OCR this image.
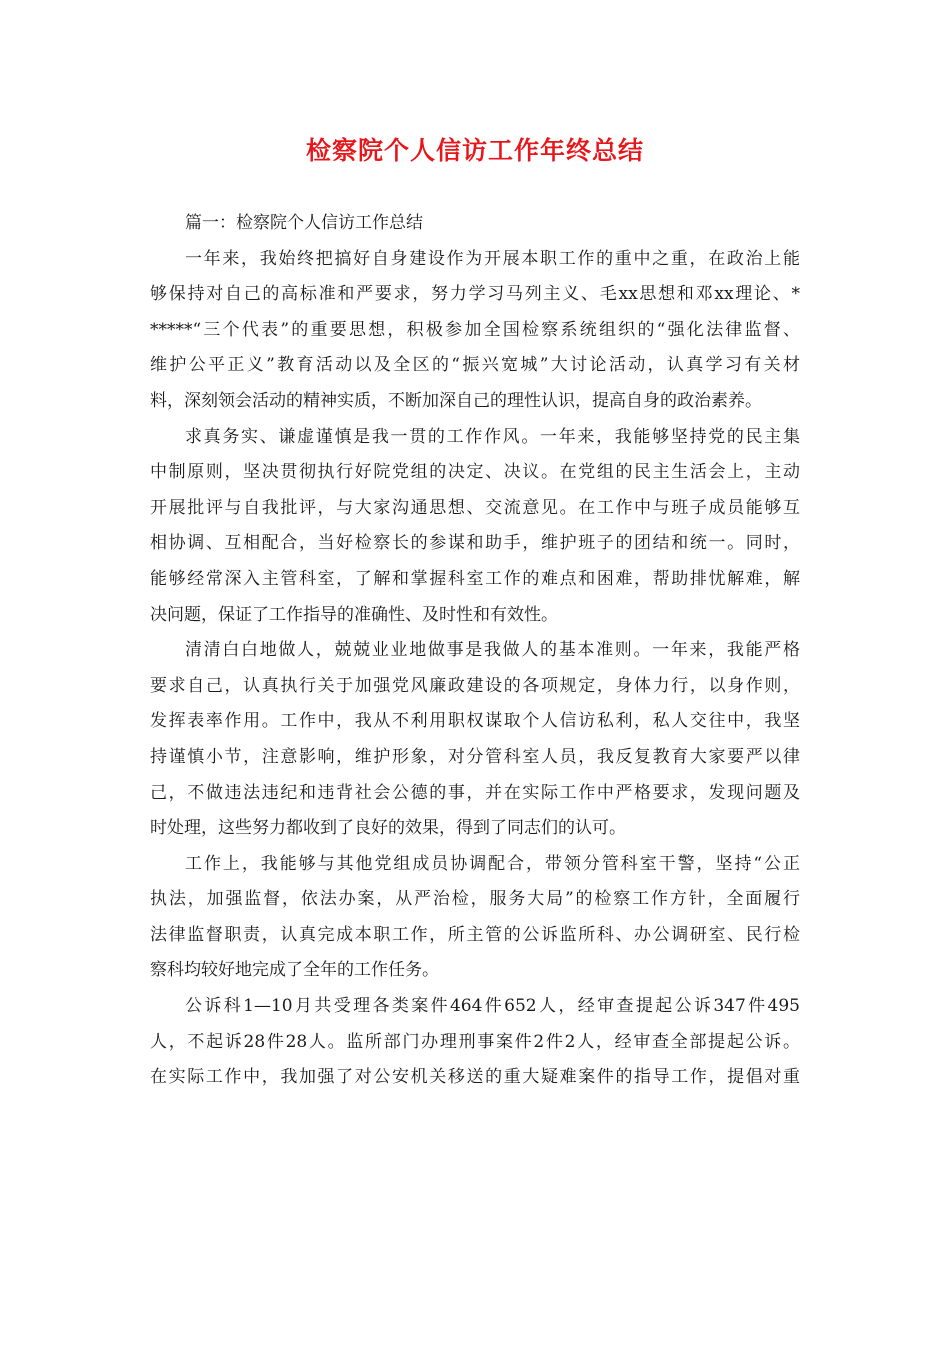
检察院个人信访工作年终总结
篇一：检察院个人信访工作总结
一年来，我始终把搞好自身建设作为开展本职工作的重中之重，在政治上能
够保持对自己的高标准和严要求，努力学习马列主义、毛xx思想和邓xx理论、*
*****“三个代表”的重要思想，积极参加全国检察系统组织的“强化法律监督、
维护公平正义”教育活动以及全区的“振兴宽城”大讨论活动，认真学习有关材
料，深刻领会活动的精神实质，不断加深自己的理性认识，提高自身的政治素养。
求真务实、谦虚谨慎是我一贯的工作作风。一年来，我能够坚持党的民主集
中制原则，坚决贯彻执行好院党组的决定、决议。在党组的民主生活会上，主动
开展批评与自我批评，与大家沟通思想、交流意见。在工作中与班子成员能够互
相协调、互相配合，当好检察长的参谋和助手，维护班子的团结和统一。同时，
能够经常深入主管科室，了解和掌握科室工作的难点和困难，帮助排忧解难，解
决问题，保证了工作指导的准确性、及时性和有效性。
清清白白地做人，兢兢业业地做事是我做人的基本准则。一年来，我能严格
要求自己，认真执行关于加强党风廉政建设的各项规定，身体力行，以身作则，
发挥表率作用。工作中，我从不利用职权谋取个人信访私利，私人交往中，我坚
持谨慎小节，注意影响，维护形象，对分管科室人员，我反复教育大家要严以律
己，不做违法违纪和违背社会公德的事，并在实际工作中严格要求，发现问题及
时处理，这些努力都收到了良好的效果，得到了同志们的认可。
工作上，我能够与其他党组成员协调配合，带领分管科室干警，坚持“公正
执法，加强监督，依法办案，从严治检，服务大局”的检察工作方针，全面履行
法律监督职责，认真完成本职工作，所主管的公诉监所科、办公调研室、民行检
察科均较好地完成了全年的工作任务。
公诉科1—10月共受理各类案件464件652人，经审查提起公诉347件495
人，不起诉28件28人。监所部门办理刑事案件2件2人，经审查全部提起公诉。
在实际工作中，我加强了对公安机关移送的重大疑难案件的指导工作，提倡对重
